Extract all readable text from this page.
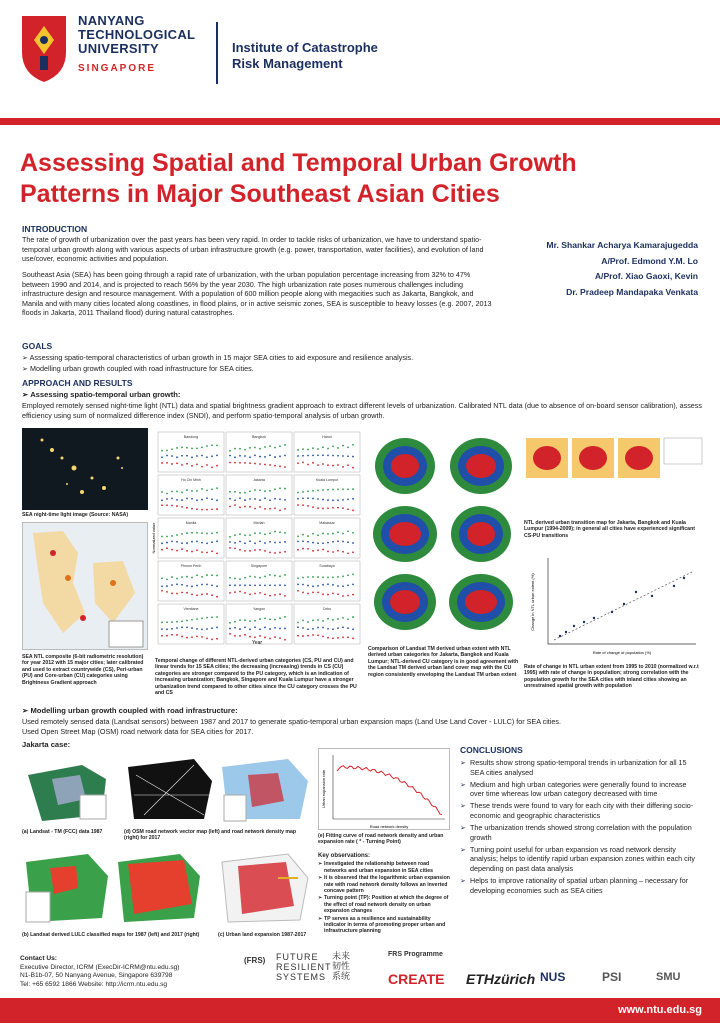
NANYANG
TECHNOLOGICAL
UNIVERSITY
SINGAPORE
Institute of Catastrophe
Risk Management
Assessing Spatial and Temporal Urban Growth
Patterns in Major Southeast Asian Cities
INTRODUCTION
The rate of growth of urbanization over the past years has been very rapid. In order to tackle risks of urbanization, we have to understand spatio-temporal urban growth along with various aspects of urban infrastructure growth (e.g. power, transportation, water facilities), and evolution of land use/cover, economic activities and population.
Southeast Asia (SEA) has been going through a rapid rate of urbanization, with the urban population percentage increasing from 32% to 47% between 1990 and 2014, and is projected to reach 56% by the year 2030. The high urbanization rate poses numerous challenges including infrastructure design and resource management. With a population of 600 million people along with megacities such as Jakarta, Bangkok, and Manila and with many cities located along coastlines, in flood plains, or in active seismic zones, SEA is susceptible to heavy losses (e.g. 2007, 2013 floods in Jakarta, 2011 Thailand flood) during natural catastrophes.
Mr. Shankar Acharya Kamarajugedda
A/Prof. Edmond Y.M. Lo
A/Prof. Xiao Gaoxi, Kevin
Dr. Pradeep Mandapaka Venkata
GOALS
➢ Assessing spatio-temporal characteristics of urban growth in 15 major SEA cities to aid exposure and resilience analysis.
➢ Modelling urban growth coupled with road infrastructure for SEA cities.
APPROACH AND RESULTS
➢ Assessing spatio-temporal urban growth:
Employed remotely sensed night-time light (NTL) data and spatial brightness gradient approach to extract different levels of urbanization. Calibrated NTL data (due to absence of on-board sensor calibration), assess efficiency using sum of normalized difference index (SNDI), and perform spatio-temporal analysis of urban growth.
SEA night-time light image (Source: NASA)
SEA NTL composite (6-bit radiometric resolution) for year 2012 with 15 major cities; later calibrated and used to extract countrywide (CS), Peri-urban (PU) and Core-urban (CU) categories using Brightness Gradient approach
Bandung	Bangkok	Hanoi
Ho Chi Minh	Jakarta	Kuala Lumpur
Manila	Medan	Makassar
Phnom Penh	Singapore	Surabaya
Vientiane	Yangon	Cebu
Normalized value
Year
Temporal change of different NTL-derived urban categories (CS, PU and CU) and linear trends for 15 SEA cities; the decreasing (increasing) trends in CS (CU) categories are stronger compared to the PU category, which is an indication of increasing urbanization; Bangkok, Singapore and Kuala Lumpur have a stronger urbanization trend compared to other cities since the CU category crosses the PU and CS
Comparison of Landsat TM derived urban extent with NTL derived urban categories for Jakarta, Bangkok and Kuala Lumpur; NTL-derived CU category is in good agreement with the Landsat TM derived urban land cover map with the CU region consistently enveloping the Landsat TM urban extent
NTL derived urban transition map for Jakarta, Bangkok and Kuala Lumpur (1994-2009); in general all cities have experienced significant CS-PU transitions
Change in NTL urban extent (%)
Rate of change of population (%)
Rate of change in NTL urban extent from 1995 to 2010 (normalized w.r.t 1995) with rate of change in population; strong correlation with the population growth for the SEA cities with inland cities showing an unrestrained spatial growth with population
➢ Modelling urban growth coupled with road infrastructure:
Used remotely sensed data (Landsat sensors) between 1987 and 2017 to generate spatio-temporal urban expansion maps (Land Use Land Cover - LULC) for SEA cities.
Used Open Street Map (OSM) road network data for SEA cities for 2017.
Jakarta case:
(a) Landsat - TM (FCC) data 1987	(d) OSM road network vector map (left) and road network density map (right) for 2017
Road network density
Urban expansion rate
(e) Fitting curve of road network density and urban expansion rate ( * - Turning Point)
(b) Landsat derived LULC classified maps for 1987 (left) and 2017 (right)	(c) Urban land expansion 1987-2017
Key observations:
➢ Investigated the relationship between road networks and urban expansion in SEA cities
➢ It is observed that the logarithmic urban expansion rate with road network density follows an inverted concave pattern
➢ Turning point (TP): Position at which the degree of the effect of road network density on urban expansion changes
➢ TP serves as a resilience and sustainability indicator in terms of promoting proper urban and infrastructure planning
CONCLUSIONS
➢ Results show strong spatio-temporal trends in urbanization for all 15 SEA cities analysed
➢ Medium and high urban categories were generally found to increase over time whereas low urban category decreased with time
➢ These trends were found to vary for each city with their differing socio-economic and geographic characteristics
➢ The urbanization trends showed strong correlation with the population growth
➢ Turning point useful for urban expansion vs road network density analysis; helps to identify rapid urban expansion zones within each city depending on past data analysis
➢ Helps to improve rationality of spatial urban planning – necessary for developing economies such as SEA cities
Contact Us:
Executive Director, ICRM (ExecDir-ICRM@ntu.edu.sg)
N1-B1b-07, 50 Nanyang Avenue, Singapore 639798
Tel: +65 6592 1866 Website: http://icrm.ntu.edu.sg
(FRS) FUTURE
RESILIENT
SYSTEMS
未来
韧性
系统
FRS Programme
CREATE ETHzürich NUS	PSI	SMU
www.ntu.edu.sg
